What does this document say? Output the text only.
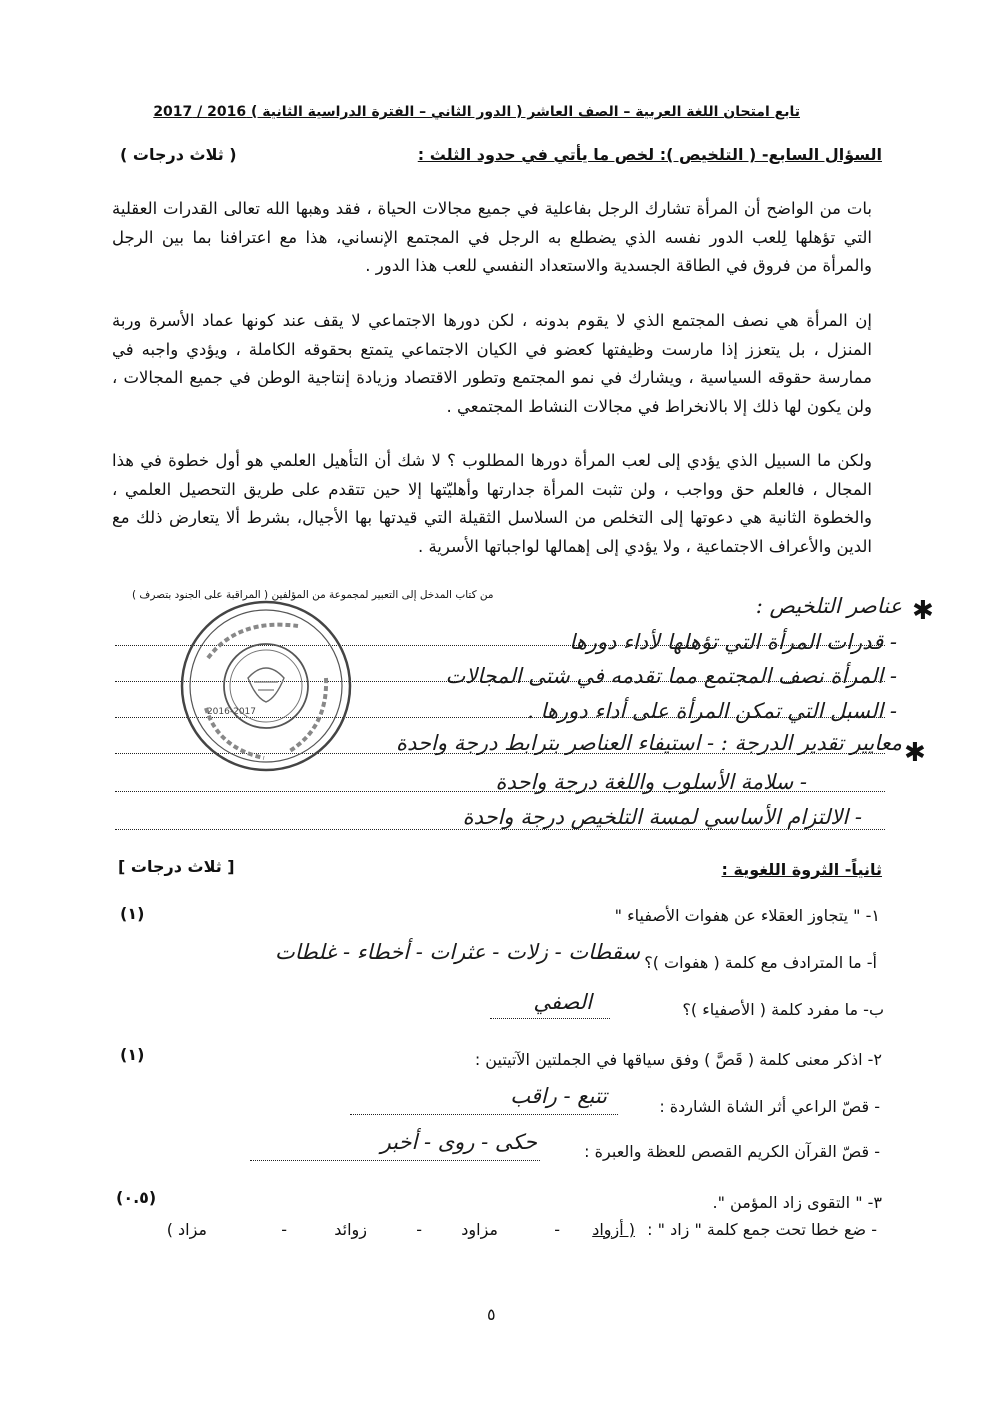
تابع امتحان اللغة العربية – الصف العاشر ( الدور الثاني – الفترة الدراسية الثانية ) 2016 / 2017
السؤال السابع- ( التلخيص ): لخص ما يأتي في حدود الثلث :
( ثلاث درجات )
بات من الواضح أن المرأة تشارك الرجل بفاعلية في جميع مجالات الحياة ، فقد وهبها الله تعالى القدرات العقلية التي تؤهلها لِلعب الدور نفسه الذي يضطلع به الرجل في المجتمع الإنساني، هذا مع اعترافنا بما بين الرجل والمرأة من فروق في الطاقة الجسدية والاستعداد النفسي للعب هذا الدور .
إن المرأة هي نصف المجتمع الذي لا يقوم بدونه ، لكن دورها الاجتماعي لا يقف عند كونها عماد الأسرة وربة المنزل ، بل يتعزز إذا مارست وظيفتها كعضو في الكيان الاجتماعي يتمتع بحقوقه الكاملة ، ويؤدي واجبه في ممارسة حقوقه السياسية ، ويشارك في نمو المجتمع وتطور الاقتصاد وزيادة إنتاجية الوطن في جميع المجالات ، ولن يكون لها ذلك إلا بالانخراط في مجالات النشاط المجتمعي .
ولكن ما السبيل الذي يؤدي إلى لعب المرأة دورها المطلوب ؟ لا شك أن التأهيل العلمي هو أول خطوة في هذا المجال ، فالعلم حق وواجب ، ولن تثبت المرأة جدارتها وأهليّتها إلا حين تتقدم على طريق التحصيل العلمي ، والخطوة الثانية هي دعوتها إلى التخلص من السلاسل الثقيلة التي قيدتها بها الأجيال، بشرط ألا يتعارض ذلك مع الدين والأعراف الاجتماعية ، ولا يؤدي إلى إهمالها لواجباتها الأسرية .
من كتاب المدخل إلى التعبير لمجموعة من المؤلفين ( المراقبة على الجنود بتصرف )
✱
عناصر التلخيص :
- قدرات المرأة التي تؤهلها لأداء دورها
- المرأة نصف المجتمع مما تقدمه في شتى المجالات
- السبل التي تمكن المرأة على أداء دورها .
✱
معايير تقدير الدرجة : - استيفاء العناصر بترابط درجة واحدة
- سلامة الأسلوب واللغة درجة واحدة
- الالتزام الأساسي لمسة التلخيص درجة واحدة
2016-2017
ثانياً- الثروة اللغوية :
[ ثلاث درجات ]
١- " يتجاوز العقلاء عن هفوات الأصفياء "
(١)
أ- ما المترادف مع كلمة ( هفوات )؟
سقطات - زلات - عثرات - أخطاء - غلطات
ب- ما مفرد كلمة ( الأصفياء )؟
الصفي
٢- اذكر معنى كلمة ( قَصَّ ) وفق سياقها في الجملتين الآتيتين :
(١)
- قصّ الراعي أثر الشاة الشاردة :
تتبع - راقب
- قصّ القرآن الكريم القصص للعظة والعبرة :
حكى - روى - أخبر
٣- " التقوى زاد المؤمن ".
(٠.٥)
- ضع خطا تحت جمع كلمة " زاد " :
( أزواد
-
مزاود
-
زوائد
-
مزاد )
٥
